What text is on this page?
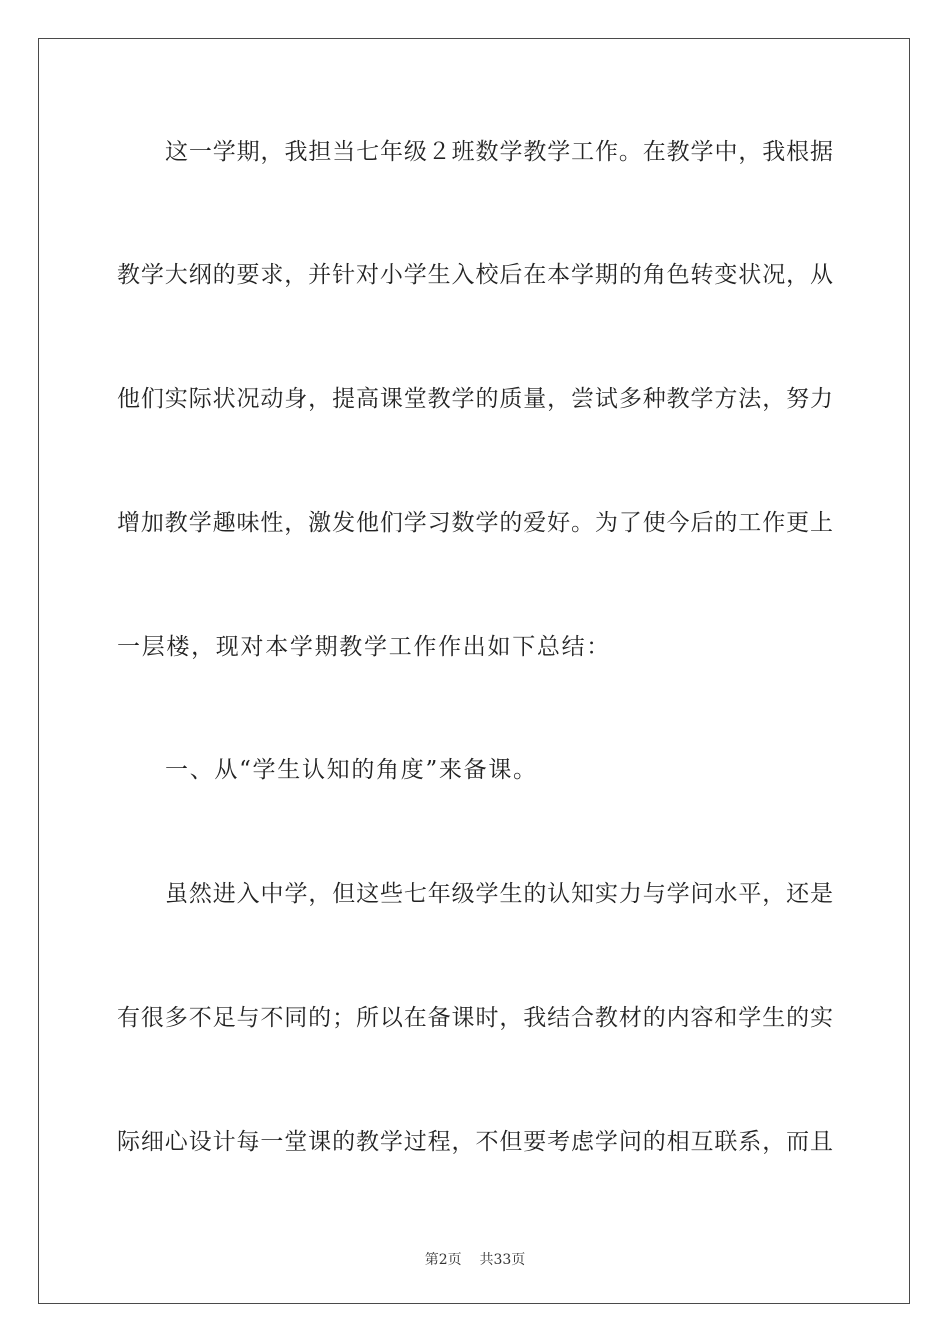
这一学期，我担当七年级２班数学教学工作。在教学中，我根据
教学大纲的要求，并针对小学生入校后在本学期的角色转变状况，从
他们实际状况动身，提高课堂教学的质量，尝试多种教学方法，努力
增加教学趣味性，激发他们学习数学的爱好。为了使今后的工作更上
一层楼，现对本学期教学工作作出如下总结：
一、从“学生认知的角度”来备课。
虽然进入中学，但这些七年级学生的认知实力与学问水平，还是
有很多不足与不同的；所以在备课时，我结合教材的内容和学生的实
际细心设计每一堂课的教学过程，不但要考虑学问的相互联系，而且
第2页 共33页
